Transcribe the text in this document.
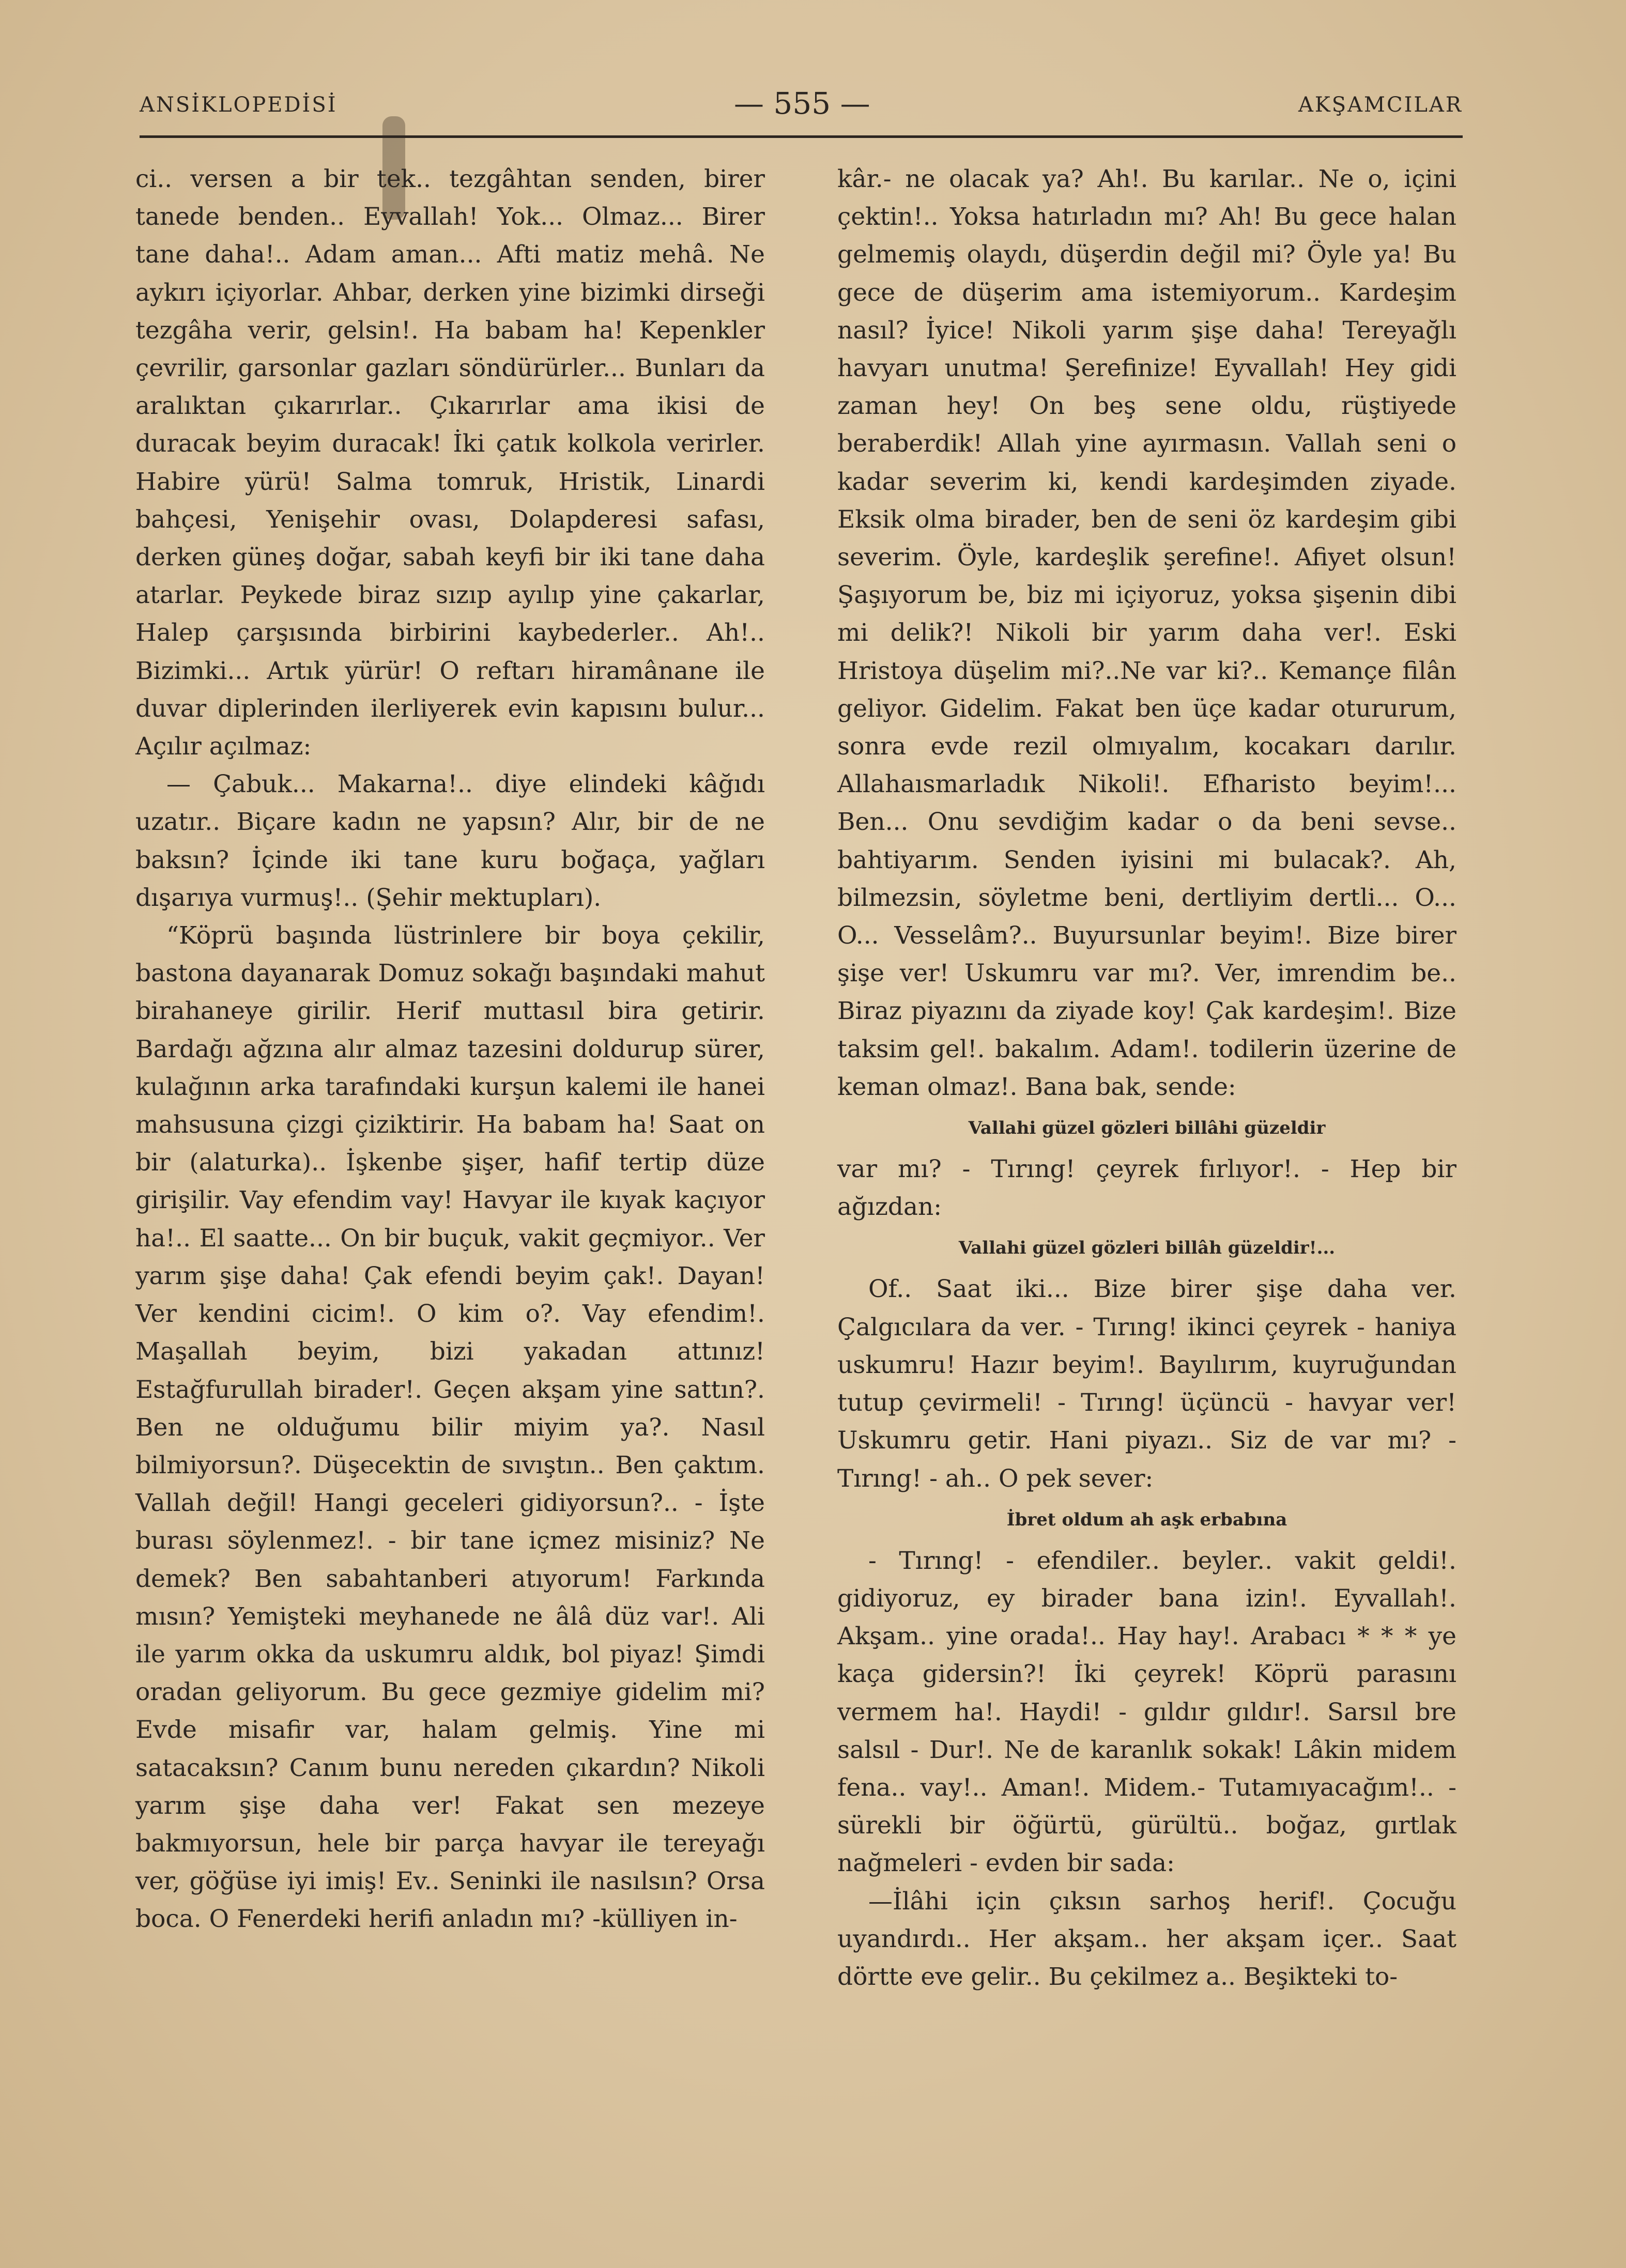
ANSİKLOPEDİSİ	— 555 —	AKŞAMCILAR

ci.. versen a bir tek.. tezgâhtan senden, birer tanede benden.. Eyvallah! Yok... Olmaz... Birer tane daha!.. Adam aman... Afti matiz mehâ. Ne aykırı içiyorlar. Ahbar, derken yine bizimki dirseği tezgâha verir, gelsin!. Ha babam ha! Kepenkler çevrilir, garsonlar gazları söndürürler... Bunları da aralıktan çıkarırlar.. Çıkarırlar ama ikisi de duracak beyim duracak! İki çatık kolkola verirler. Habire yürü! Salma tomruk, Hristik, Linardi bahçesi, Yenişehir ovası, Dolapderesi safası, derken güneş doğar, sabah keyfi bir iki tane daha atarlar. Peykede biraz sızıp ayılıp yine çakarlar, Halep çarşısında birbirini kaybederler.. Ah!.. Bizimki... Artık yürür! O reftarı hiramânane ile duvar diplerinden ilerliyerek evin kapısını bulur... Açılır açılmaz:

— Çabuk... Makarna!.. diye elindeki kâğıdı uzatır.. Biçare kadın ne yapsın? Alır, bir de ne baksın? İçinde iki tane kuru boğaça, yağları dışarıya vurmuş!.. (Şehir mektupları).

“Köprü başında lüstrinlere bir boya çekilir, bastona dayanarak Domuz sokağı başındaki mahut birahaneye girilir. Herif muttasıl bira getirir. Bardağı ağzına alır almaz tazesini doldurup sürer, kulağının arka tarafındaki kurşun kalemi ile hanei mahsusuna çizgi çiziktirir. Ha babam ha! Saat on bir (alaturka).. İşkenbe şişer, hafif tertip düze girişilir. Vay efendim vay! Havyar ile kıyak kaçıyor ha!.. El saatte... On bir buçuk, vakit geçmiyor.. Ver yarım şişe daha! Çak efendi beyim çak!. Dayan! Ver kendini cicim!. O kim o?. Vay efendim!. Maşallah beyim, bizi yakadan attınız! Estağfurullah birader!. Geçen akşam yine sattın?. Ben ne olduğumu bilir miyim ya?. Nasıl bilmiyorsun?. Düşecektin de sıvıştın.. Ben çaktım. Vallah değil! Hangi geceleri gidiyorsun?.. - İşte burası söylenmez!. - bir tane içmez misiniz? Ne demek? Ben sabahtanberi atıyorum! Farkında mısın? Yemişteki meyhanede ne âlâ düz var!. Ali ile yarım okka da uskumru aldık, bol piyaz! Şimdi oradan geliyorum. Bu gece gezmiye gidelim mi? Evde misafir var, halam gelmiş. Yine mi satacaksın? Canım bunu nereden çıkardın? Nikoli yarım şişe daha ver! Fakat sen mezeye bakmıyorsun, hele bir parça havyar ile tereyağı ver, göğüse iyi imiş! Ev.. Seninki ile nasılsın? Orsa boca. O Fenerdeki herifi anladın mı? -külliyen in-

kâr.- ne olacak ya? Ah!. Bu karılar.. Ne o, içini çektin!.. Yoksa hatırladın mı? Ah! Bu gece halan gelmemiş olaydı, düşerdin değil mi? Öyle ya! Bu gece de düşerim ama istemiyorum.. Kardeşim nasıl? İyice! Nikoli yarım şişe daha! Tereyağlı havyarı unutma! Şerefinize! Eyvallah! Hey gidi zaman hey! On beş sene oldu, rüştiyede beraberdik! Allah yine ayırmasın. Vallah seni o kadar severim ki, kendi kardeşimden ziyade. Eksik olma birader, ben de seni öz kardeşim gibi severim. Öyle, kardeşlik şerefine!. Afiyet olsun! Şaşıyorum be, biz mi içiyoruz, yoksa şişenin dibi mi delik?! Nikoli bir yarım daha ver!. Eski Hristoya düşelim mi?..Ne var ki?.. Kemançe filân geliyor. Gidelim. Fakat ben üçe kadar otururum, sonra evde rezil olmıyalım, kocakarı darılır. Allahaısmarladık Nikoli!. Efharisto beyim!... Ben... Onu sevdiğim kadar o da beni sevse.. bahtiyarım. Senden iyisini mi bulacak?. Ah, bilmezsin, söyletme beni, dertliyim dertli... O... O... Vesselâm?.. Buyursunlar beyim!. Bize birer şişe ver! Uskumru var mı?. Ver, imrendim be.. Biraz piyazını da ziyade koy! Çak kardeşim!. Bize taksim gel!. bakalım. Adam!. todilerin üzerine de keman olmaz!. Bana bak, sende:

Vallahi güzel gözleri billâhi güzeldir

var mı? - Tırıng! çeyrek fırlıyor!. - Hep bir ağızdan:

Vallahi güzel gözleri billâh güzeldir!...

Of.. Saat iki... Bize birer şişe daha ver. Çalgıcılara da ver. - Tırıng! ikinci çeyrek - haniya uskumru! Hazır beyim!. Bayılırım, kuyruğundan tutup çevirmeli! - Tırıng! üçüncü - havyar ver! Uskumru getir. Hani piyazı.. Siz de var mı? - Tırıng! - ah.. O pek sever:

İbret oldum ah aşk erbabına

- Tırıng! - efendiler.. beyler.. vakit geldi!. gidiyoruz, ey birader bana izin!. Eyvallah!. Akşam.. yine orada!.. Hay hay!. Arabacı * * * ye kaça gidersin?! İki çeyrek! Köprü parasını vermem ha!. Haydi! - gıldır gıldır!. Sarsıl bre salsıl - Dur!. Ne de karanlık sokak! Lâkin midem fena.. vay!.. Aman!. Midem.- Tutamıyacağım!.. - sürekli bir öğürtü, gürültü.. boğaz, gırtlak nağmeleri - evden bir sada:

—İlâhi için çıksın sarhoş herif!. Çocuğu uyandırdı.. Her akşam.. her akşam içer.. Saat dörtte eve gelir.. Bu çekilmez a.. Beşikteki to-
